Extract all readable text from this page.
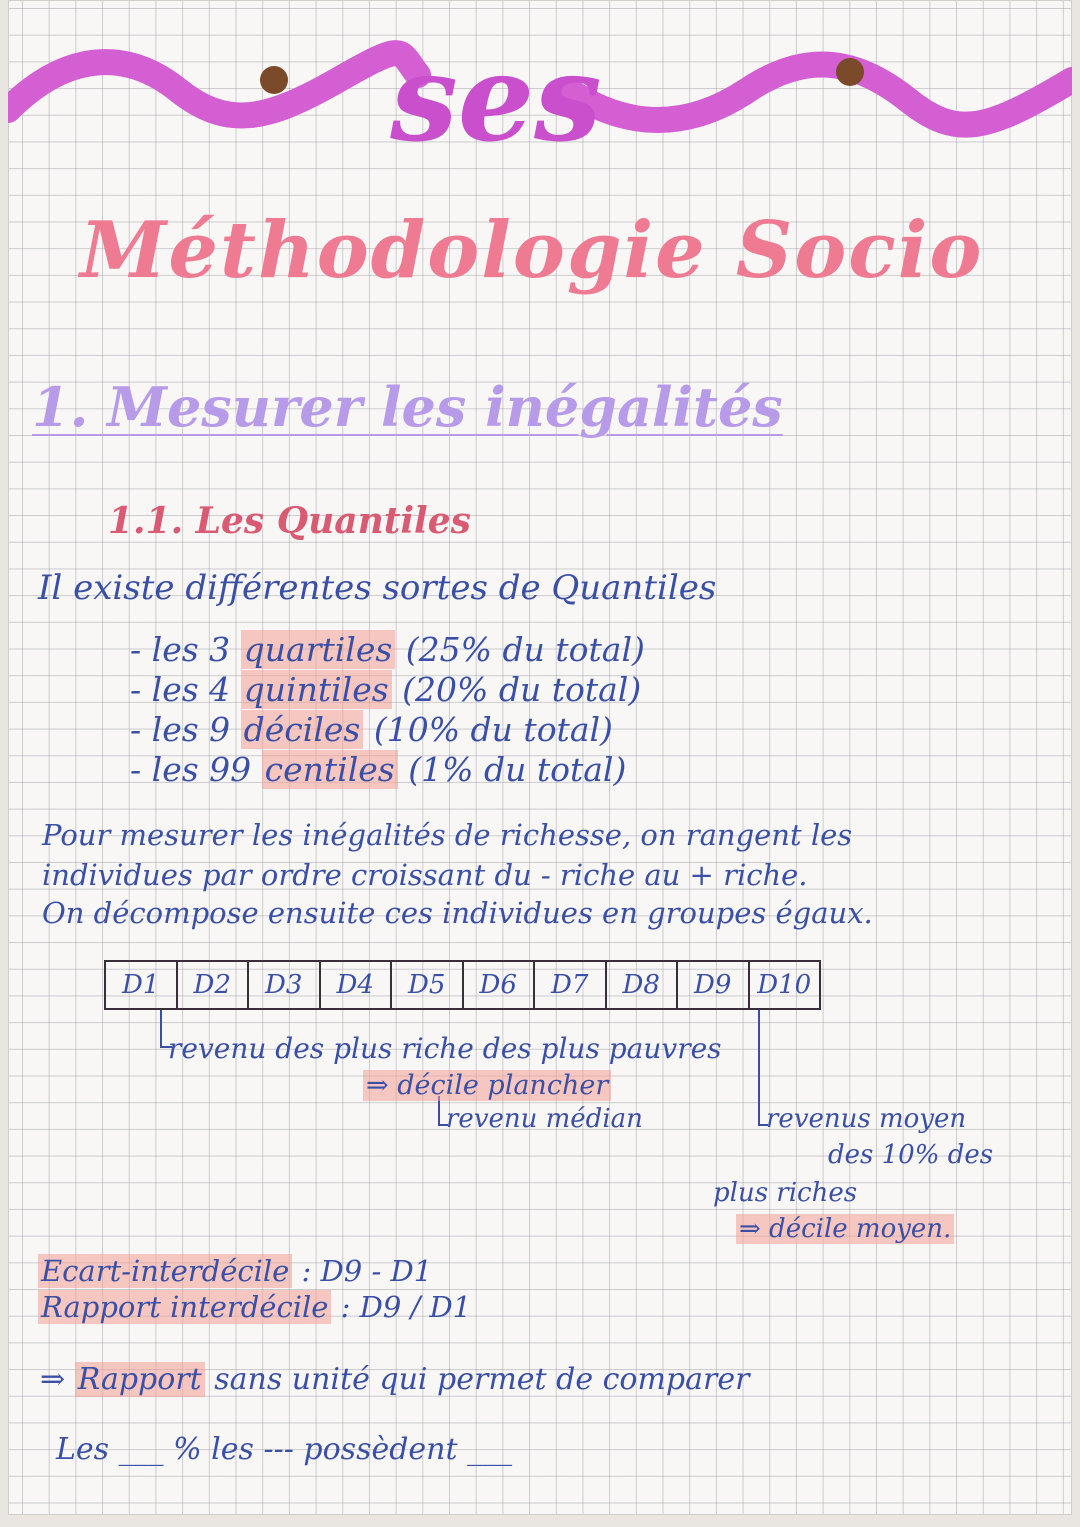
ses
Méthodologie Socio
1. Mesurer les inégalités
1.1. Les Quantiles

Il existe différentes sortes de Quantiles

- les 3 quartiles (25% du total)
- les 4 quintiles (20% du total)
- les 9 déciles (10% du total)
- les 99 centiles (1% du total)

Pour mesurer les inégalités de richesse, on rangent les

individues par ordre croissant du - riche au + riche.

On décompose ensuite ces individues en groupes égaux.

D1	D2	D3	D4	D5	D6	D7	D8	D9 D10

revenu des plus riche des plus pauvres

⇒ décile plancher

revenu médian	revenus moyen

des 10% des

plus riches

⇒ décile moyen.

Ecart-interdécile : D9 - D1

Rapport interdécile : D9 / D1

⇒ Rapport sans unité qui permet de comparer

Les ___ % les --- possèdent ___
